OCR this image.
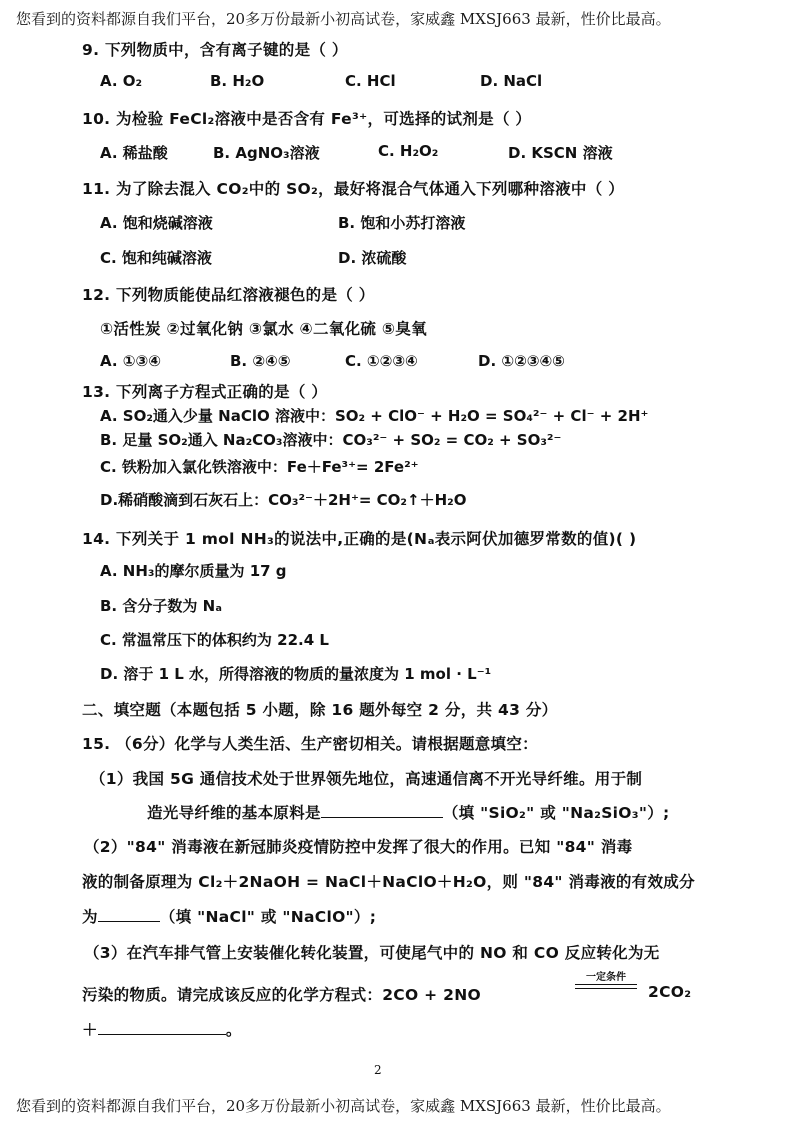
您看到的资料都源自我们平台，20多万份最新小初高试卷，家威鑫 MXSJ663 最新，性价比最高。
9. 下列物质中，含有离子键的是（ ）
A. O₂	B. H₂O	C. HCl	D. NaCl
10. 为检验 FeCl₂溶液中是否含有 Fe³⁺，可选择的试剂是（ ）
A. 稀盐酸	B. AgNO₃溶液	C. H₂O₂	D. KSCN 溶液
11. 为了除去混入 CO₂中的 SO₂，最好将混合气体通入下列哪种溶液中（ ）
A. 饱和烧碱溶液	B. 饱和小苏打溶液
C. 饱和纯碱溶液	D. 浓硫酸
12. 下列物质能使品红溶液褪色的是（ ）
①活性炭 ②过氧化钠 ③氯水 ④二氧化硫 ⑤臭氧
A. ①③④	B. ②④⑤	C. ①②③④	D. ①②③④⑤
13. 下列离子方程式正确的是（ ）
A. SO₂通入少量 NaClO 溶液中：SO₂ + ClO⁻ + H₂O = SO₄²⁻ + Cl⁻ + 2H⁺
B. 足量 SO₂通入 Na₂CO₃溶液中：CO₃²⁻ + SO₂ = CO₂ + SO₃²⁻
C. 铁粉加入氯化铁溶液中：Fe＋Fe³⁺= 2Fe²⁺
D.稀硝酸滴到石灰石上：CO₃²⁻＋2H⁺= CO₂↑＋H₂O
14. 下列关于 1 mol NH₃的说法中,正确的是(Nₐ表示阿伏加德罗常数的值)( )
A. NH₃的摩尔质量为 17 g
B. 含分子数为 Nₐ
C. 常温常压下的体积约为 22.4 L
D. 溶于 1 L 水，所得溶液的物质的量浓度为 1 mol · L⁻¹
二、填空题（本题包括 5 小题，除 16 题外每空 2 分，共 43 分）
15. （6分）化学与人类生活、生产密切相关。请根据题意填空：
（1）我国 5G 通信技术处于世界领先地位，高速通信离不开光导纤维。用于制
造光导纤维的基本原料是	（填 "SiO₂" 或 "Na₂SiO₃"）;
（2）"84" 消毒液在新冠肺炎疫情防控中发挥了很大的作用。已知 "84" 消毒
液的制备原理为 Cl₂＋2NaOH = NaCl＋NaClO＋H₂O，则 "84" 消毒液的有效成分
为	（填 "NaCl" 或 "NaClO"）;
（3）在汽车排气管上安装催化转化装置，可使尾气中的 NO 和 CO 反应转化为无
污染的物质。请完成该反应的化学方程式：2CO + 2NO
一定条件
2CO₂
＋	。
2
您看到的资料都源自我们平台，20多万份最新小初高试卷，家威鑫 MXSJ663 最新，性价比最高。
